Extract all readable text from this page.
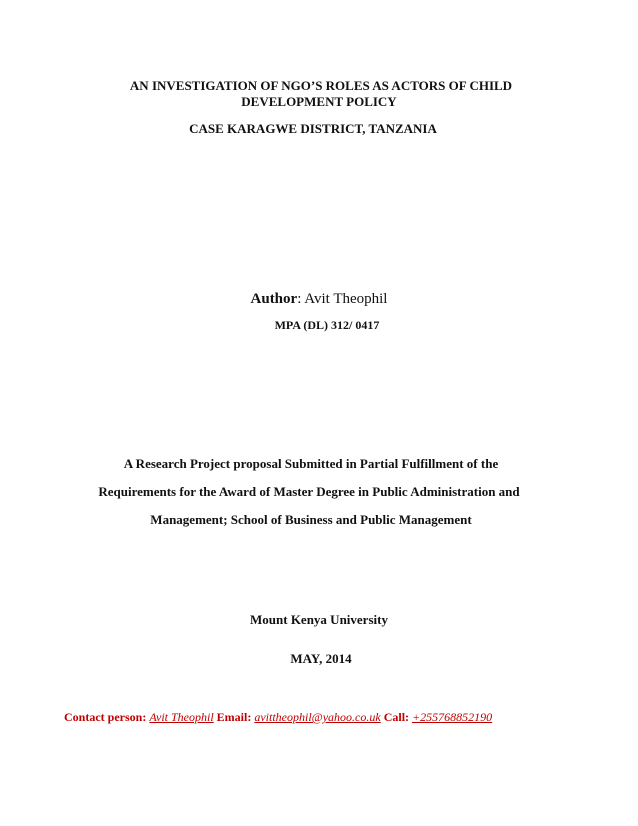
AN INVESTIGATION OF NGO’S ROLES AS ACTORS OF CHILD
DEVELOPMENT POLICY
CASE KARAGWE DISTRICT, TANZANIA
Author: Avit Theophil
MPA (DL) 312/ 0417
A Research Project proposal Submitted in Partial Fulfillment of the
Requirements for the Award of Master Degree in Public Administration and
Management; School of Business and Public Management
Mount Kenya University
MAY, 2014
Contact person: Avit Theophil Email: avittheophil@yahoo.co.uk Call: +255768852190
